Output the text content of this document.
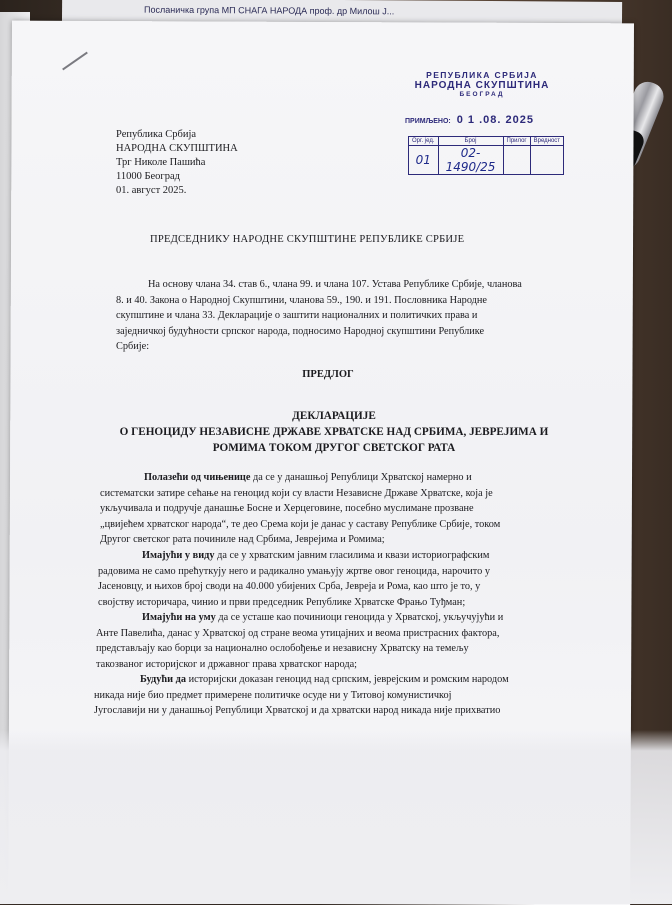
Посланичка група МП СНАГА НАРОДА проф. др Милош Ј...
РЕПУБЛИКА СРБИЈА
НАРОДНА СКУПШТИНА
БЕОГРАД
ПРИМЉЕНО: 0 1 .08. 2025
Орг. јед.	Број	Прилог	Вредност
01	02-1490/25		
Република Србија
НАРОДНА СКУПШТИНА
Трг Николе Пашића
11000 Београд
01. август 2025.
ПРЕДСЕДНИКУ НАРОДНЕ СКУПШТИНЕ РЕПУБЛИКЕ СРБИЈЕ
На основу члана 34. став 6., члана 99. и члана 107. Устава Републике Србије, чланова
8. и 40. Закона о Народној Скупштини, чланова 59., 190. и 191. Пословника Народне
скупштине и члана 33. Декларације о заштити националних и политичких права и
заједничкој будућности српског народа, подносимо Народној скупштини Републике
Србије:
ПРЕДЛОГ
ДЕКЛАРАЦИЈЕ
О ГЕНОЦИДУ НЕЗАВИСНЕ ДРЖАВЕ ХРВАТСКЕ НАД СРБИМА, ЈЕВРЕЈИМА И
РОМИМА ТОКОМ ДРУГОГ СВЕТСКОГ РАТА
Полазећи од чињенице да се у данашњој Републици Хрватској намерно и
систематски затире сећање на геноцид који су власти Независне Државе Хрватске, која је
укључивала и подручје данашње Босне и Херцеговине, посебно муслимане прозване
„цвијећем хрватског народа“, те део Срема који је данас у саставу Републике Србије, током
Другог светског рата починиле над Србима, Јеврејима и Ромима;
Имајући у виду да се у хрватским јавним гласилима и квази историографским
радовима не само прећуткују него и радикално умањују жртве овог геноцида, нарочито у
Јасеновцу, и њихов број своди на 40.000 убијених Срба, Јевреја и Рома, као што је то, у
својству историчара, чинио и први председник Републике Хрватске Фрањо Туђман;
Имајући на уму да се усташе као починиоци геноцида у Хрватској, укључујући и
Анте Павелића, данас у Хрватској од стране веома утицајних и веома пристрасних фактора,
представљају као борци за национално ослобођење и независну Хрватску на темељу
такозваног историјског и државног права хрватског народа;
Будући да историјски доказан геноцид над српским, јеврејским и ромским народом
никада није био предмет примерене политичке осуде ни у Титовој комунистичкој
Југославији ни у данашњој Републици Хрватској и да хрватски народ никада није прихватио
